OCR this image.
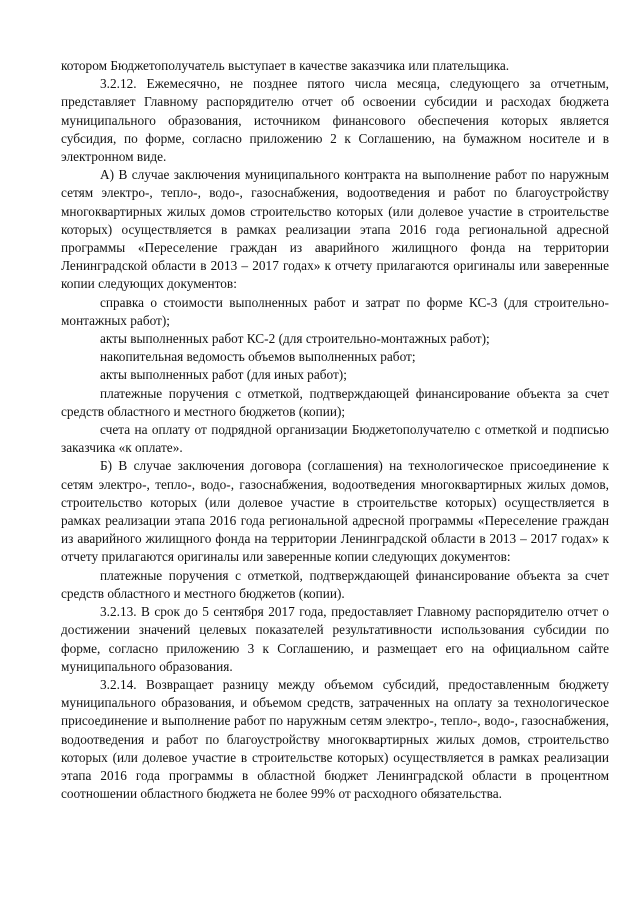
котором Бюджетополучатель выступает в качестве заказчика или плательщика.

3.2.12. Ежемесячно, не позднее пятого числа месяца, следующего за отчетным, представляет Главному распорядителю отчет об освоении субсидии и расходах бюджета муниципального образования, источником финансового обеспечения которых является субсидия, по форме, согласно приложению 2 к Соглашению, на бумажном носителе и в электронном виде.

А) В случае заключения муниципального контракта на выполнение работ по наружным сетям электро-, тепло-, водо-, газоснабжения, водоотведения и работ по благоустройству многоквартирных жилых домов строительство которых (или долевое участие в строительстве которых) осуществляется в рамках реализации этапа 2016 года региональной адресной программы «Переселение граждан из аварийного жилищного фонда на территории Ленинградской области в 2013 – 2017 годах» к отчету прилагаются оригиналы или заверенные копии следующих документов:

справка о стоимости выполненных работ и затрат по форме КС-3 (для строительно-монтажных работ);

акты выполненных работ КС-2 (для строительно-монтажных работ);

накопительная ведомость объемов выполненных работ;

акты выполненных работ (для иных работ);

платежные поручения с отметкой, подтверждающей финансирование объекта за счет средств областного и местного бюджетов (копии);

счета на оплату от подрядной организации Бюджетополучателю с отметкой и подписью заказчика «к оплате».

Б) В случае заключения договора (соглашения) на технологическое присоединение к сетям электро-, тепло-, водо-, газоснабжения, водоотведения многоквартирных жилых домов, строительство которых (или долевое участие в строительстве которых) осуществляется в рамках реализации этапа 2016 года региональной адресной программы «Переселение граждан из аварийного жилищного фонда на территории Ленинградской области в 2013 – 2017 годах» к отчету прилагаются оригиналы или заверенные копии следующих документов:

платежные поручения с отметкой, подтверждающей финансирование объекта за счет средств областного и местного бюджетов (копии).

3.2.13. В срок до 5 сентября 2017 года, предоставляет Главному распорядителю отчет о достижении значений целевых показателей результативности использования субсидии по форме, согласно приложению 3 к Соглашению, и размещает его на официальном сайте муниципального образования.

3.2.14. Возвращает разницу между объемом субсидий, предоставленным бюджету муниципального образования, и объемом средств, затраченных на оплату за технологическое присоединение и выполнение работ по наружным сетям электро-, тепло-, водо-, газоснабжения, водоотведения и работ по благоустройству многоквартирных жилых домов, строительство которых (или долевое участие в строительстве которых) осуществляется в рамках реализации этапа 2016 года программы в областной бюджет Ленинградской области в процентном соотношении областного бюджета не более 99% от расходного обязательства.
